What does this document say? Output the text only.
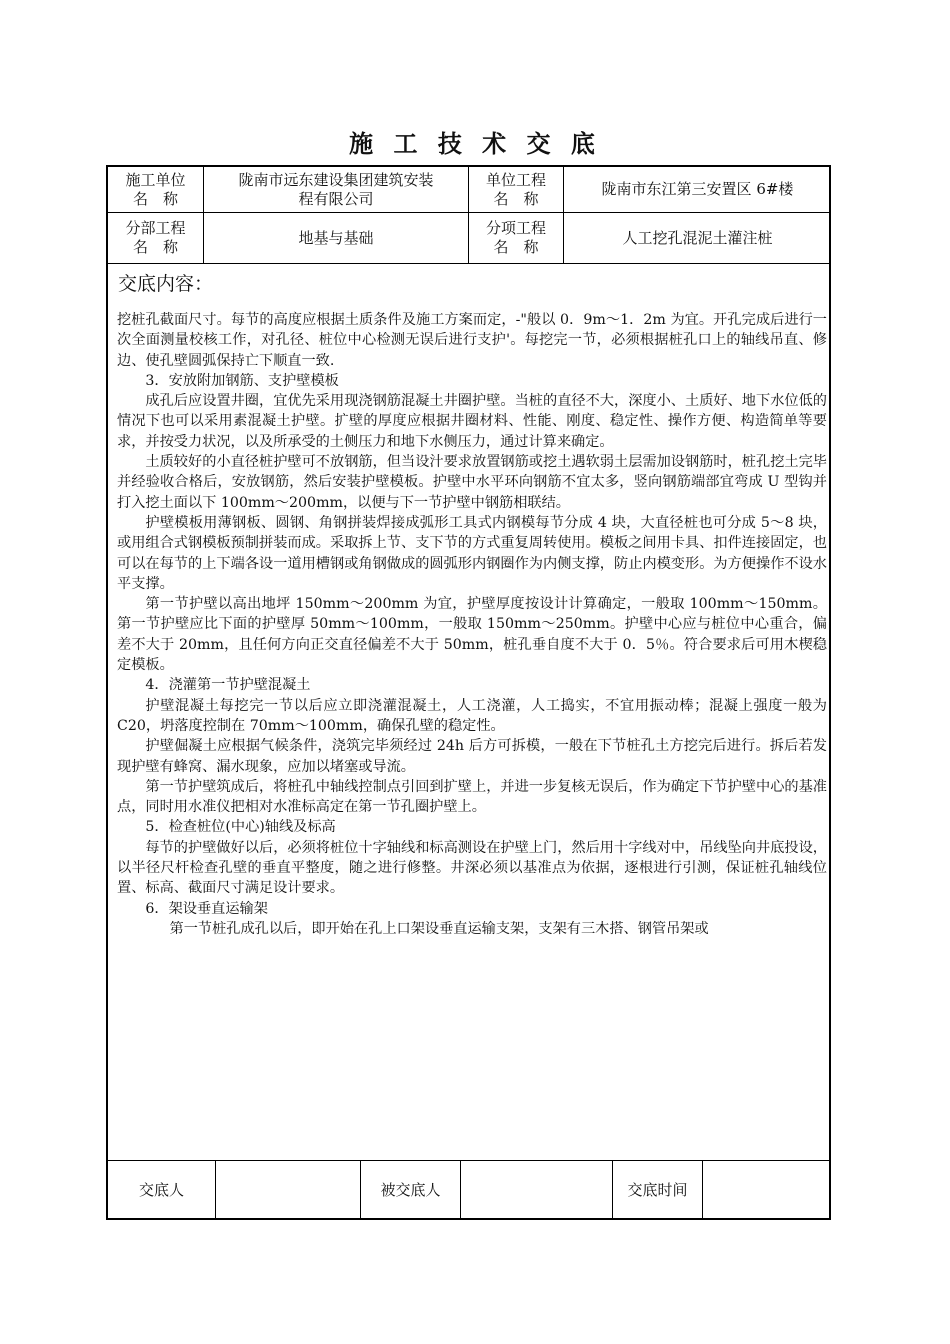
施 工 技 术 交 底
施工单位
名　称
陇南市远东建设集团建筑安装
程有限公司
单位工程
名　称
陇南市东江第三安置区 6#楼
分部工程
名　称
地基与基础
分项工程
名　称
人工挖孔混泥土灌注桩
交底内容：

挖桩孔截面尺寸。每节的高度应根据土质条件及施工方案而定，-"般以 0．9m～1．2m 为宜。开孔完成后进行一次全面测量校核工作，对孔径、桩位中心检测无误后进行支护'。每挖完一节，必须根据桩孔口上的轴线吊直、修边、使孔壁圆弧保持亡下顺直一致.

3．安放附加钢筋、支护壁模板

成孔后应设置井圈，宜优先采用现浇钢筋混凝土井圈护壁。当桩的直径不大，深度小、土质好、地下水位低的情况下也可以采用素混凝土护壁。扩壁的厚度应根据井圈材料、性能、刚度、稳定性、操作方便、构造简单等要求，并按受力状况，以及所承受的土侧压力和地下水侧压力，通过计算来确定。

土质较好的小直径桩护壁可不放钢筋，但当设汁要求放置钢筋或挖土遇软弱土层需加设钢筋时，桩孔挖土完毕并经验收合格后，安放钢筋，然后安装护壁模板。护壁中水平环向钢筋不宜太多，竖向钢筋端部宜弯成 U 型钩并打入挖土面以下 100mm～200mm，以便与下一节护壁中钢筋相联结。

护壁模板用薄钢板、圆钢、角钢拼装焊接成弧形工具式内钢模每节分成 4 块，大直径桩也可分成 5～8 块，或用组合式钢模板预制拼装而成。采取拆上节、支下节的方式重复周转使用。模板之间用卡具、扣件连接固定，也可以在每节的上下端各设一道用槽钢或角钢做成的圆弧形内钢圈作为内侧支撑，防止内模变形。为方便操作不设水平支撑。

第一节护壁以高出地坪 150mm～200mm 为宜，护壁厚度按设计计算确定，一般取 100mm～150mm。第一节护壁应比下面的护壁厚 50mm～100mm，一般取 150mm～250mm。护壁中心应与桩位中心重合，偏差不大于 20mm，且任何方向正交直径偏差不大于 50mm，桩孔垂自度不大于 0．5％。符合要求后可用木楔稳定模板。

4．浇灌第一节护壁混凝土

护壁混凝土每挖完一节以后应立即浇灌混凝土，人工浇灌，人工捣实，不宜用振动棒；混凝上强度一般为 C20，坍落度控制在 70mm～100mm，确保孔壁的稳定性。

护壁倔凝土应根据气候条件，浇筑完毕须经过 24h 后方可拆模，一般在下节桩孔土方挖完后进行。拆后若发现护壁有蜂窝、漏水现象，应加以堵塞或导流。

第一节护壁筑成后，将桩孔中轴线控制点引回到扩壁上，并进一步复核无误后，作为确定下节护壁中心的基准点，同时用水准仪把相对水准标高定在第一节孔圈护壁上。

5．检查桩位(中心)轴线及标高

每节的护壁做好以后，必须将桩位十字轴线和标高测设在护壁上门，然后用十字线对中，吊线坠向井底投设，以半径尺杆检查孔壁的垂直平整度，随之进行修整。井深必须以基准点为依据，逐根进行引测，保证桩孔轴线位置、标高、截面尺寸满足设计要求。

6．架设垂直运输架

第一节桩孔成孔以后，即开始在孔上口架设垂直运输支架，支架有三木搭、钢管吊架或

交底人	被交底人	交底时间
